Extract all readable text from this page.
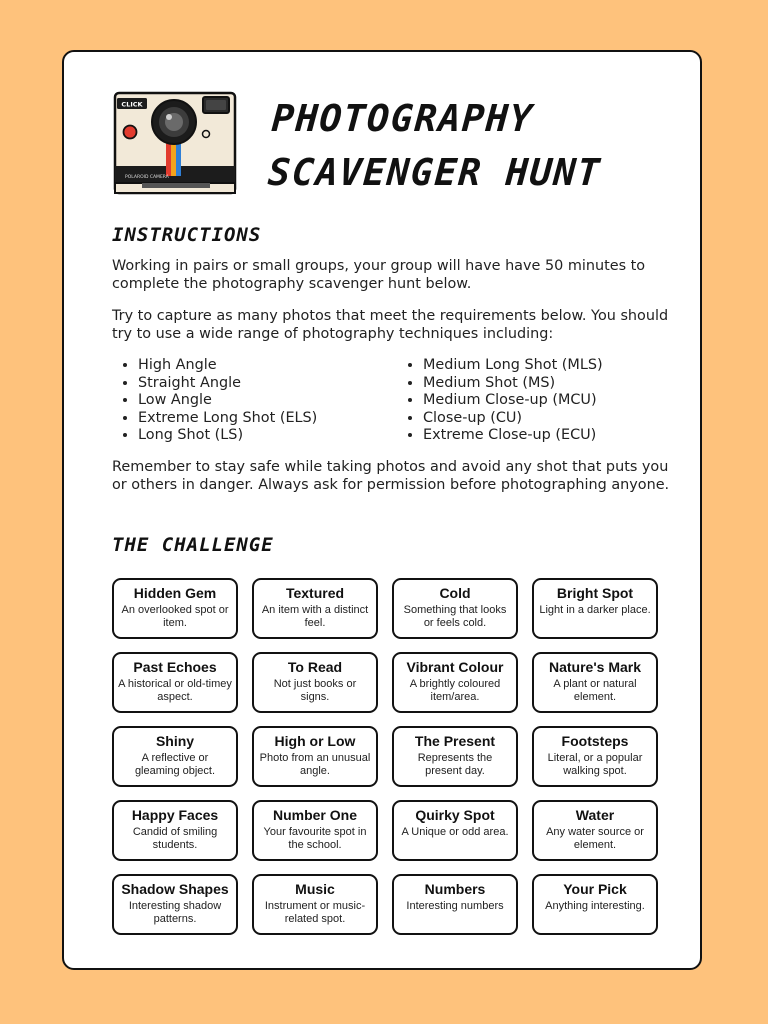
CLICK
POLAROID CAMERA
PHOTOGRAPHY
SCAVENGER HUNT
INSTRUCTIONS

Working in pairs or small groups, your group will have have 50 minutes to complete the photography scavenger hunt below.

Try to capture as many photos that meet the requirements below. You should try to use a wide range of photography techniques including:

• High Angle
• Straight Angle
• Low Angle
• Extreme Long Shot (ELS)
• Long Shot (LS)
• Medium Long Shot (MLS)
• Medium Shot (MS)
• Medium Close-up (MCU)
• Close-up (CU)
• Extreme Close-up (ECU)

Remember to stay safe while taking photos and avoid any shot that puts you or others in danger. Always ask for permission before photographing anyone.

THE CHALLENGE
Hidden Gem
An overlooked spot or item.
Textured
An item with a distinct feel.
Cold
Something that looks or feels cold.
Bright Spot
Light in a darker place.
Past Echoes
A historical or old-timey aspect.
To Read
Not just books or signs.
Vibrant Colour
A brightly coloured item/area.
Nature's Mark
A plant or natural element.
Shiny
A reflective or gleaming object.
High or Low
Photo from an unusual angle.
The Present
Represents the present day.
Footsteps
Literal, or a popular walking spot.
Happy Faces
Candid of smiling students.
Number One
Your favourite spot in the school.
Quirky Spot
A Unique or odd area.
Water
Any water source or element.
Shadow Shapes
Interesting shadow patterns.
Music
Instrument or music-related spot.
Numbers
Interesting numbers
Your Pick
Anything interesting.
